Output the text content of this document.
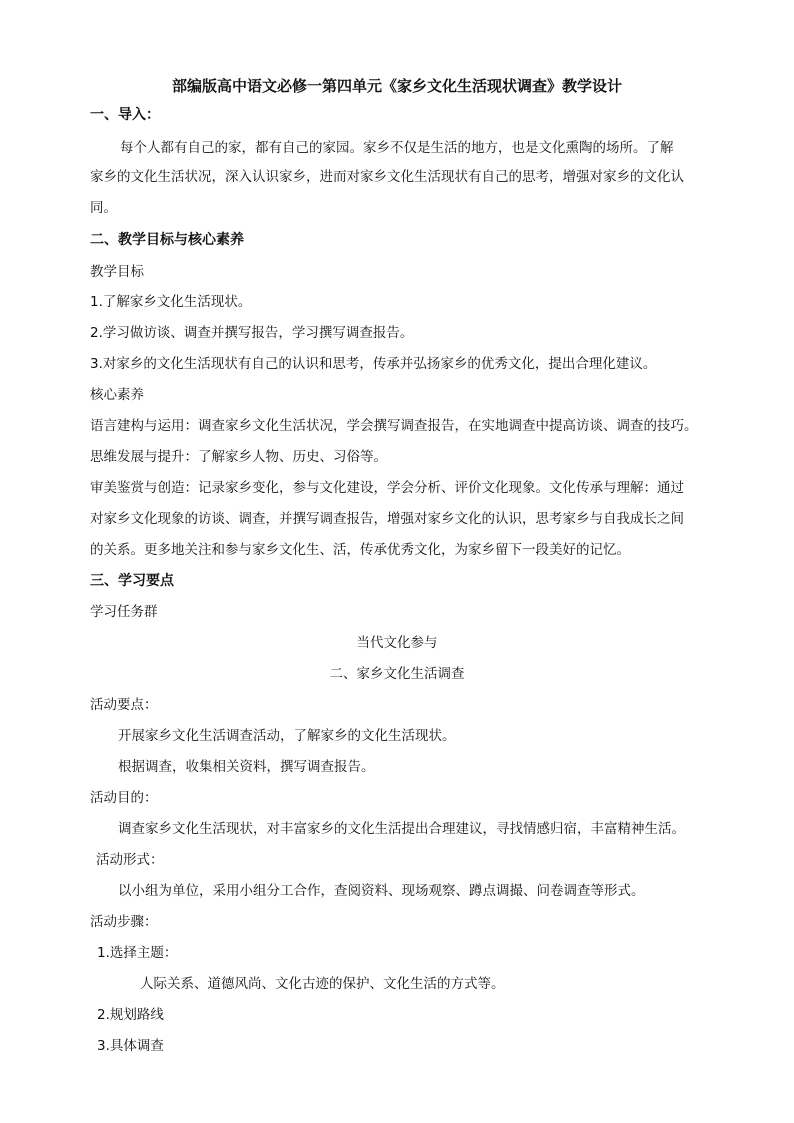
部编版高中语文必修一第四单元《家乡文化生活现状调查》教学设计
一、导入：
每个人都有自己的家，都有自己的家园。家乡不仅是生活的地方，也是文化熏陶的场所。了解
家乡的文化生活状况，深入认识家乡，进而对家乡文化生活现状有自己的思考，增强对家乡的文化认
同。
二、教学目标与核心素养
教学目标
1.了解家乡文化生活现状。
2.学习做访谈、调查并撰写报告，学习撰写调查报告。
3.对家乡的文化生活现状有自己的认识和思考，传承并弘扬家乡的优秀文化，提出合理化建议。
核心素养
语言建构与运用：调查家乡文化生活状况，学会撰写调查报告，在实地调查中提高访谈、调查的技巧。
思维发展与提升：了解家乡人物、历史、习俗等。
审美鉴赏与创造：记录家乡变化，参与文化建设，学会分析、评价文化现象。文化传承与理解：通过
对家乡文化现象的访谈、调查，并撰写调查报告，增强对家乡文化的认识，思考家乡与自我成长之间
的关系。更多地关注和参与家乡文化生、活，传承优秀文化，为家乡留下一段美好的记忆。
三、学习要点
学习任务群
当代文化参与
二、家乡文化生活调查
活动要点：
开展家乡文化生活调查活动，了解家乡的文化生活现状。
根据调查，收集相关资料，撰写调查报告。
活动目的：
调查家乡文化生活现状，对丰富家乡的文化生活提出合理建议，寻找情感归宿，丰富精神生活。
活动形式：
以小组为单位，采用小组分工合作，查阅资料、现场观察、蹲点调撮、问卷调查等形式。
活动步骤：
1.选择主题：
人际关系、道德风尚、文化古迹的保护、文化生活的方式等。
2.规划路线
3.具体调查
